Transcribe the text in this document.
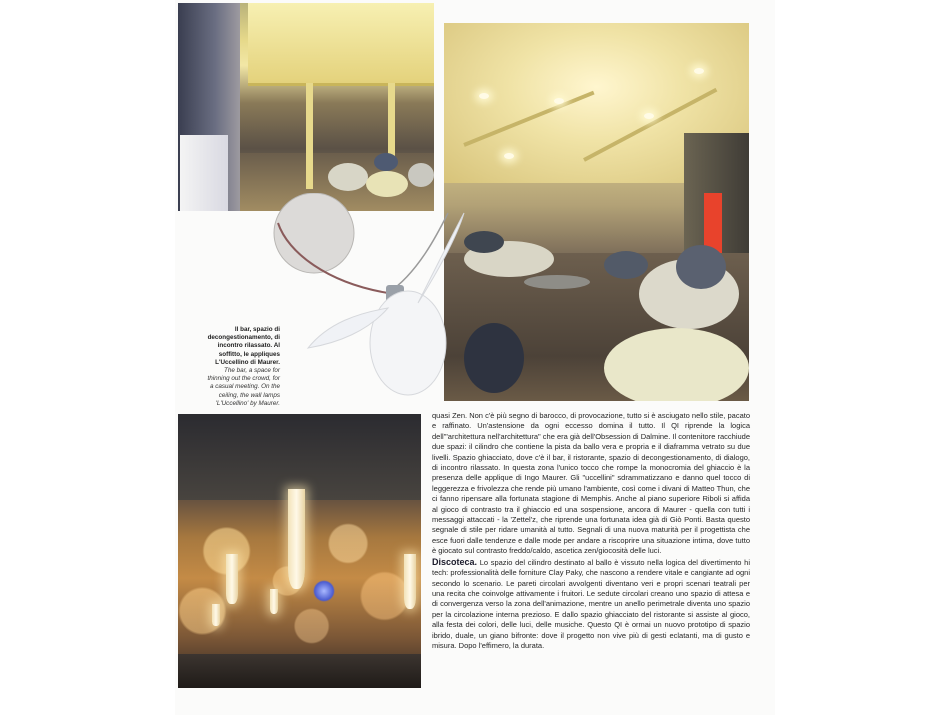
Il bar, spazio di decongestionamento, di incontro rilassato. Al soffitto, le appliques L'Uccellino di Maurer.
The bar, a space for thinning out the crowd, for a casual meeting. On the ceiling, the wall lamps 'L'Uccellino' by Maurer.

quasi Zen. Non c'è più segno di barocco, di provocazione, tutto si è asciugato nello stile, pacato e raffinato. Un'astensione da ogni eccesso domina il tutto. Il QI riprende la logica dell'"architettura nell'architettura" che era già dell'Obsession di Dalmine. Il contenitore racchiude due spazi: il cilindro che contiene la pista da ballo vera e propria e il diaframma vetrato su due livelli. Spazio ghiacciato, dove c'è il bar, il ristorante, spazio di decongestionamento, di dialogo, di incontro rilassato. In questa zona l'unico tocco che rompe la monocromia del ghiaccio è la presenza delle applique di Ingo Maurer. Gli "uccellini" sdrammatizzano e danno quel tocco di leggerezza e frivolezza che rende più umano l'ambiente, così come i divani di Matteo Thun, che ci fanno ripensare alla fortunata stagione di Memphis. Anche al piano superiore Riboli si affida al gioco di contrasto tra il ghiaccio ed una sospensione, ancora di Maurer - quella con tutti i messaggi attaccati - la 'Zettel'z, che riprende una fortunata idea già di Giò Ponti. Basta questo segnale di stile per ridare umanità al tutto. Segnali di una nuova maturità per il progettista che esce fuori dalle tendenze e dalle mode per andare a riscoprire una situazione intima, dove tutto è giocato sul contrasto freddo/caldo, ascetica zen/giocosità delle luci.

Discoteca. Lo spazio del cilindro destinato al ballo è vissuto nella logica del divertimento hi tech: professionalità delle forniture Clay Paky, che nascono a rendere vitale e cangiante ad ogni secondo lo scenario. Le pareti circolari avvolgenti diventano veri e propri scenari teatrali per una recita che coinvolge attivamente i fruitori. Le sedute circolari creano uno spazio di attesa e di convergenza verso la zona dell'animazione, mentre un anello perimetrale diventa uno spazio per la circolazione interna prezioso. E dallo spazio ghiacciato del ristorante si assiste al gioco, alla festa dei colori, delle luci, delle musiche. Questo QI è ormai un nuovo prototipo di spazio ibrido, duale, un giano bifronte: dove il progetto non vive più di gesti eclatanti, ma di gusto e misura. Dopo l'effimero, la durata.
